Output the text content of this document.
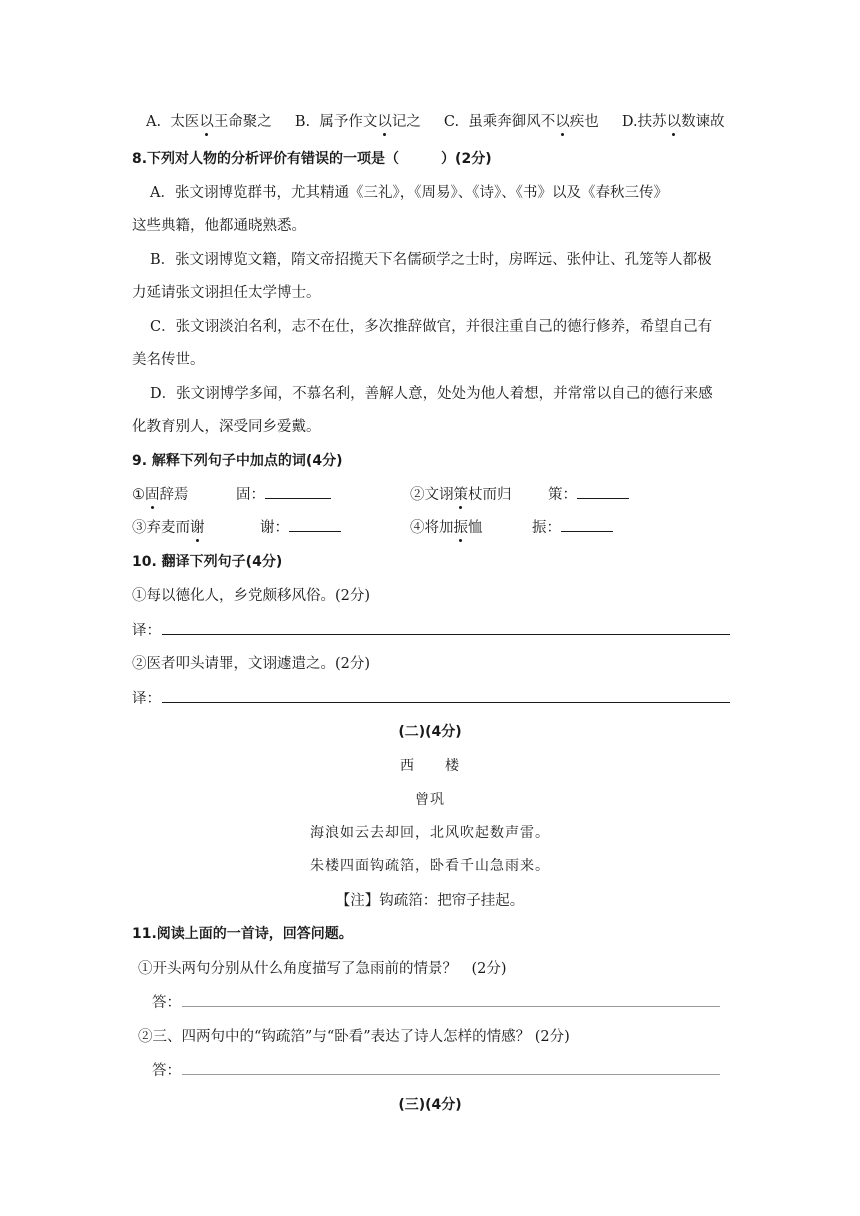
A. 太医以王命聚之 B. 属予作文以记之 C. 虽乘奔御风不以疾也 D.扶苏以数谏故
8.下列对人物的分析评价有错误的一项是（　　　）(2分)
A．张文诩博览群书，尤其精通《三礼》，《周易》、《诗》、《书》以及《春秋三传》
这些典籍，他都通晓熟悉。
B．张文诩博览文籍，隋文帝招揽天下名儒硕学之士时，房晖远、张仲让、孔笼等人都极
力延请张文诩担任太学博士。
C．张文诩淡泊名利，志不在仕，多次推辞做官，并很注重自己的德行修养，希望自己有
美名传世。
D．张文诩博学多闻，不慕名利，善解人意，处处为他人着想，并常常以自己的德行来感
化教育别人，深受同乡爱戴。
9. 解释下列句子中加点的词(4分)
①固辞焉	固：	②文诩策杖而归	策：
③弃麦而谢	谢：	④将加振恤	振：
10. 翻译下列句子(4分)
①每以德化人，乡党颇移风俗。(2分)
译：
②医者叩头请罪，文诩遽遣之。(2分)
译：
(二)(4分)
西　　楼
曾巩
海浪如云去却回，北风吹起数声雷。
朱楼四面钩疏箔，卧看千山急雨来。
【注】钩疏箔：把帘子挂起。
11.阅读上面的一首诗，回答问题。
①开头两句分别从什么角度描写了急雨前的情景？　(2分)
答：
②三、四两句中的“钩疏箔”与“卧看”表达了诗人怎样的情感？ (2分)
答：
(三)(4分)
